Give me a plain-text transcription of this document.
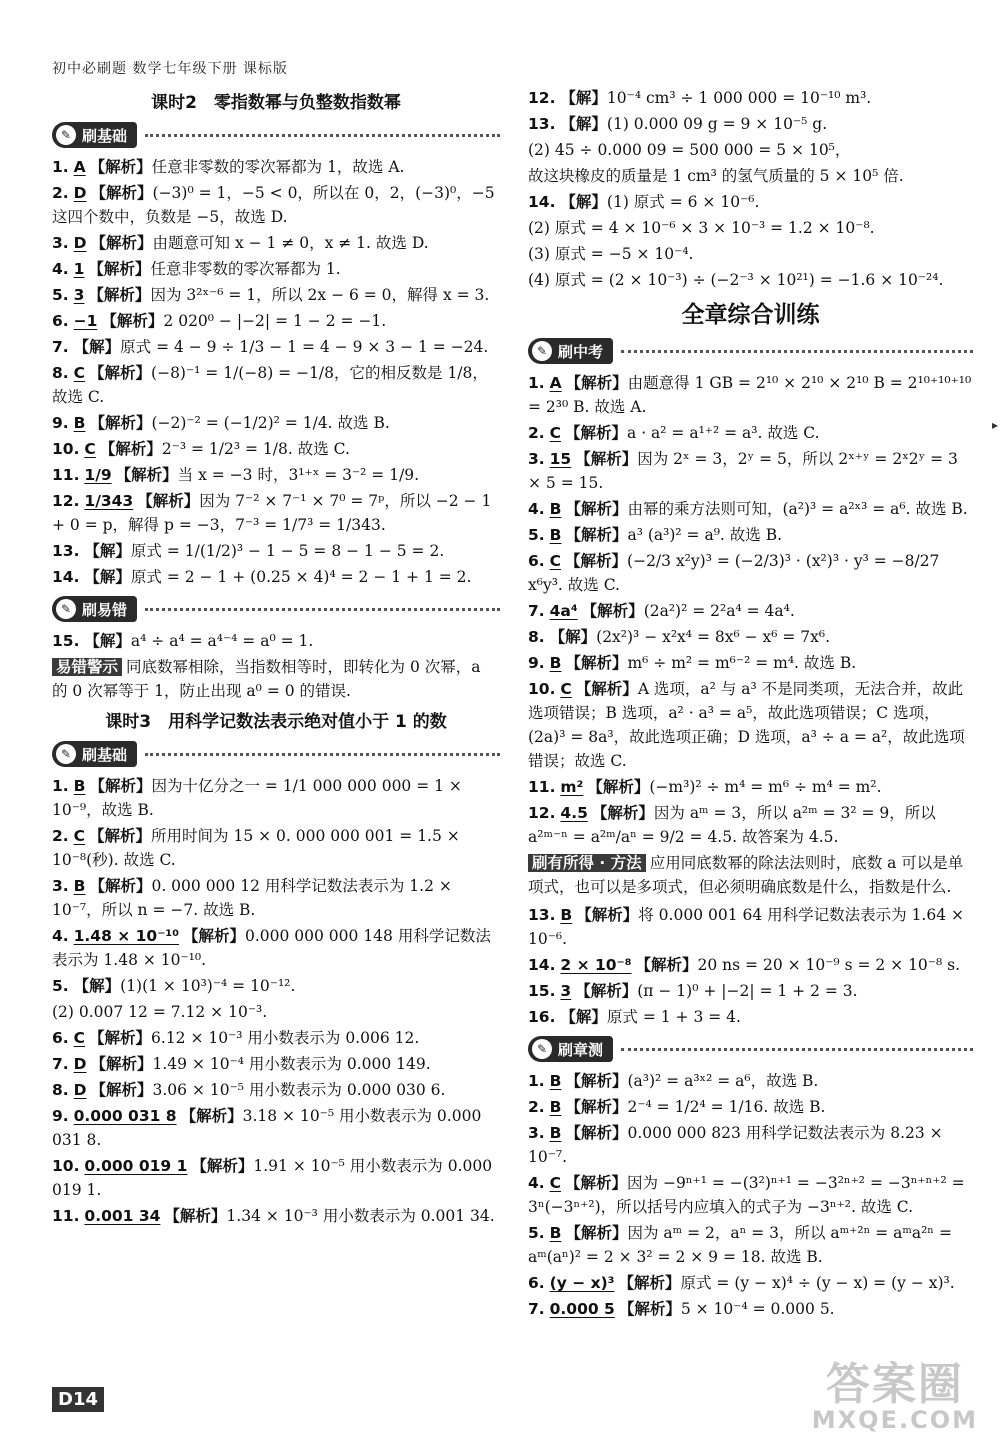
初中必刷题 数学七年级下册 课标版
▸
课时2　零指数幂与负整数指数幂
✎ 刷基础
1. A 【解析】任意非零数的零次幂都为 1，故选 A.
2. D 【解析】(−3)⁰ = 1，−5 < 0，所以在 0，2，(−3)⁰，−5 这四个数中，负数是 −5，故选 D.
3. D 【解析】由题意可知 x − 1 ≠ 0，x ≠ 1. 故选 D.
4. 1 【解析】任意非零数的零次幂都为 1.
5. 3 【解析】因为 3²ˣ⁻⁶ = 1，所以 2x − 6 = 0，解得 x = 3.
6. −1 【解析】2 020⁰ − |−2| = 1 − 2 = −1.
7. 【解】原式 = 4 − 9 ÷ 1/3 − 1 = 4 − 9 × 3 − 1 = −24.
8. C 【解析】(−8)⁻¹ = 1/(−8) = −1/8，它的相反数是 1/8，故选 C.
9. B 【解析】(−2)⁻² = (−1/2)² = 1/4. 故选 B.
10. C 【解析】2⁻³ = 1/2³ = 1/8. 故选 C.
11. 1/9 【解析】当 x = −3 时，3¹⁺ˣ = 3⁻² = 1/9.
12. 1/343 【解析】因为 7⁻² × 7⁻¹ × 7⁰ = 7ᵖ，所以 −2 − 1 + 0 = p，解得 p = −3，7⁻³ = 1/7³ = 1/343.
13. 【解】原式 = 1/(1/2)³ − 1 − 5 = 8 − 1 − 5 = 2.
14. 【解】原式 = 2 − 1 + (0.25 × 4)⁴ = 2 − 1 + 1 = 2.
✎ 刷易错
15. 【解】a⁴ ÷ a⁴ = a⁴⁻⁴ = a⁰ = 1.
易错警示 同底数幂相除，当指数相等时，即转化为 0 次幂，a 的 0 次幂等于 1，防止出现 a⁰ = 0 的错误.
课时3　用科学记数法表示绝对值小于 1 的数
✎ 刷基础
1. B 【解析】因为十亿分之一 = 1/1 000 000 000 = 1 × 10⁻⁹，故选 B.
2. C 【解析】所用时间为 15 × 0. 000 000 001 = 1.5 × 10⁻⁸(秒). 故选 C.
3. B 【解析】0. 000 000 12 用科学记数法表示为 1.2 × 10⁻⁷，所以 n = −7. 故选 B.
4. 1.48 × 10⁻¹⁰ 【解析】0.000 000 000 148 用科学记数法表示为 1.48 × 10⁻¹⁰.
5. 【解】(1)(1 × 10³)⁻⁴ = 10⁻¹².
(2) 0.007 12 = 7.12 × 10⁻³.
6. C 【解析】6.12 × 10⁻³ 用小数表示为 0.006 12.
7. D 【解析】1.49 × 10⁻⁴ 用小数表示为 0.000 149.
8. D 【解析】3.06 × 10⁻⁵ 用小数表示为 0.000 030 6.
9. 0.000 031 8 【解析】3.18 × 10⁻⁵ 用小数表示为 0.000 031 8.
10. 0.000 019 1 【解析】1.91 × 10⁻⁵ 用小数表示为 0.000 019 1.
11. 0.001 34 【解析】1.34 × 10⁻³ 用小数表示为 0.001 34.
12. 【解】10⁻⁴ cm³ ÷ 1 000 000 = 10⁻¹⁰ m³.
13. 【解】(1) 0.000 09 g = 9 × 10⁻⁵ g.
(2) 45 ÷ 0.000 09 = 500 000 = 5 × 10⁵，
故这块橡皮的质量是 1 cm³ 的氢气质量的 5 × 10⁵ 倍.
14. 【解】(1) 原式 = 6 × 10⁻⁶.
(2) 原式 = 4 × 10⁻⁶ × 3 × 10⁻³ = 1.2 × 10⁻⁸.
(3) 原式 = −5 × 10⁻⁴.
(4) 原式 = (2 × 10⁻³) ÷ (−2⁻³ × 10²¹) = −1.6 × 10⁻²⁴.
全章综合训练
✎ 刷中考
1. A 【解析】由题意得 1 GB = 2¹⁰ × 2¹⁰ × 2¹⁰ B = 2¹⁰⁺¹⁰⁺¹⁰ = 2³⁰ B. 故选 A.
2. C 【解析】a · a² = a¹⁺² = a³. 故选 C.
3. 15 【解析】因为 2ˣ = 3，2ʸ = 5，所以 2ˣ⁺ʸ = 2ˣ2ʸ = 3 × 5 = 15.
4. B 【解析】由幂的乘方法则可知，(a²)³ = a²ˣ³ = a⁶. 故选 B.
5. B 【解析】a³ (a³)² = a⁹. 故选 B.
6. C 【解析】(−2/3 x²y)³ = (−2/3)³ · (x²)³ · y³ = −8/27 x⁶y³. 故选 C.
7. 4a⁴ 【解析】(2a²)² = 2²a⁴ = 4a⁴.
8. 【解】(2x²)³ − x²x⁴ = 8x⁶ − x⁶ = 7x⁶.
9. B 【解析】m⁶ ÷ m² = m⁶⁻² = m⁴. 故选 B.
10. C 【解析】A 选项，a² 与 a³ 不是同类项，无法合并，故此选项错误；B 选项，a² · a³ = a⁵，故此选项错误；C 选项，(2a)³ = 8a³，故此选项正确；D 选项，a³ ÷ a = a²，故此选项错误；故选 C.
11. m² 【解析】(−m³)² ÷ m⁴ = m⁶ ÷ m⁴ = m².
12. 4.5 【解析】因为 aᵐ = 3，所以 a²ᵐ = 3² = 9，所以 a²ᵐ⁻ⁿ = a²ᵐ/aⁿ = 9/2 = 4.5. 故答案为 4.5.
刷有所得 · 方法 应用同底数幂的除法法则时，底数 a 可以是单项式，也可以是多项式，但必须明确底数是什么，指数是什么.
13. B 【解析】将 0.000 001 64 用科学记数法表示为 1.64 × 10⁻⁶.
14. 2 × 10⁻⁸ 【解析】20 ns = 20 × 10⁻⁹ s = 2 × 10⁻⁸ s.
15. 3 【解析】(π − 1)⁰ + |−2| = 1 + 2 = 3.
16. 【解】原式 = 1 + 3 = 4.
✎ 刷章测
1. B 【解析】(a³)² = a³ˣ² = a⁶，故选 B.
2. B 【解析】2⁻⁴ = 1/2⁴ = 1/16. 故选 B.
3. B 【解析】0.000 000 823 用科学记数法表示为 8.23 × 10⁻⁷.
4. C 【解析】因为 −9ⁿ⁺¹ = −(3²)ⁿ⁺¹ = −3²ⁿ⁺² = −3ⁿ⁺ⁿ⁺² = 3ⁿ(−3ⁿ⁺²)，所以括号内应填入的式子为 −3ⁿ⁺². 故选 C.
5. B 【解析】因为 aᵐ = 2，aⁿ = 3，所以 aᵐ⁺²ⁿ = aᵐa²ⁿ = aᵐ(aⁿ)² = 2 × 3² = 2 × 9 = 18. 故选 B.
6. (y − x)³ 【解析】原式 = (y − x)⁴ ÷ (y − x) = (y − x)³.
7. 0.000 5 【解析】5 × 10⁻⁴ = 0.000 5.
D14	答案圈
MXQE.COM
